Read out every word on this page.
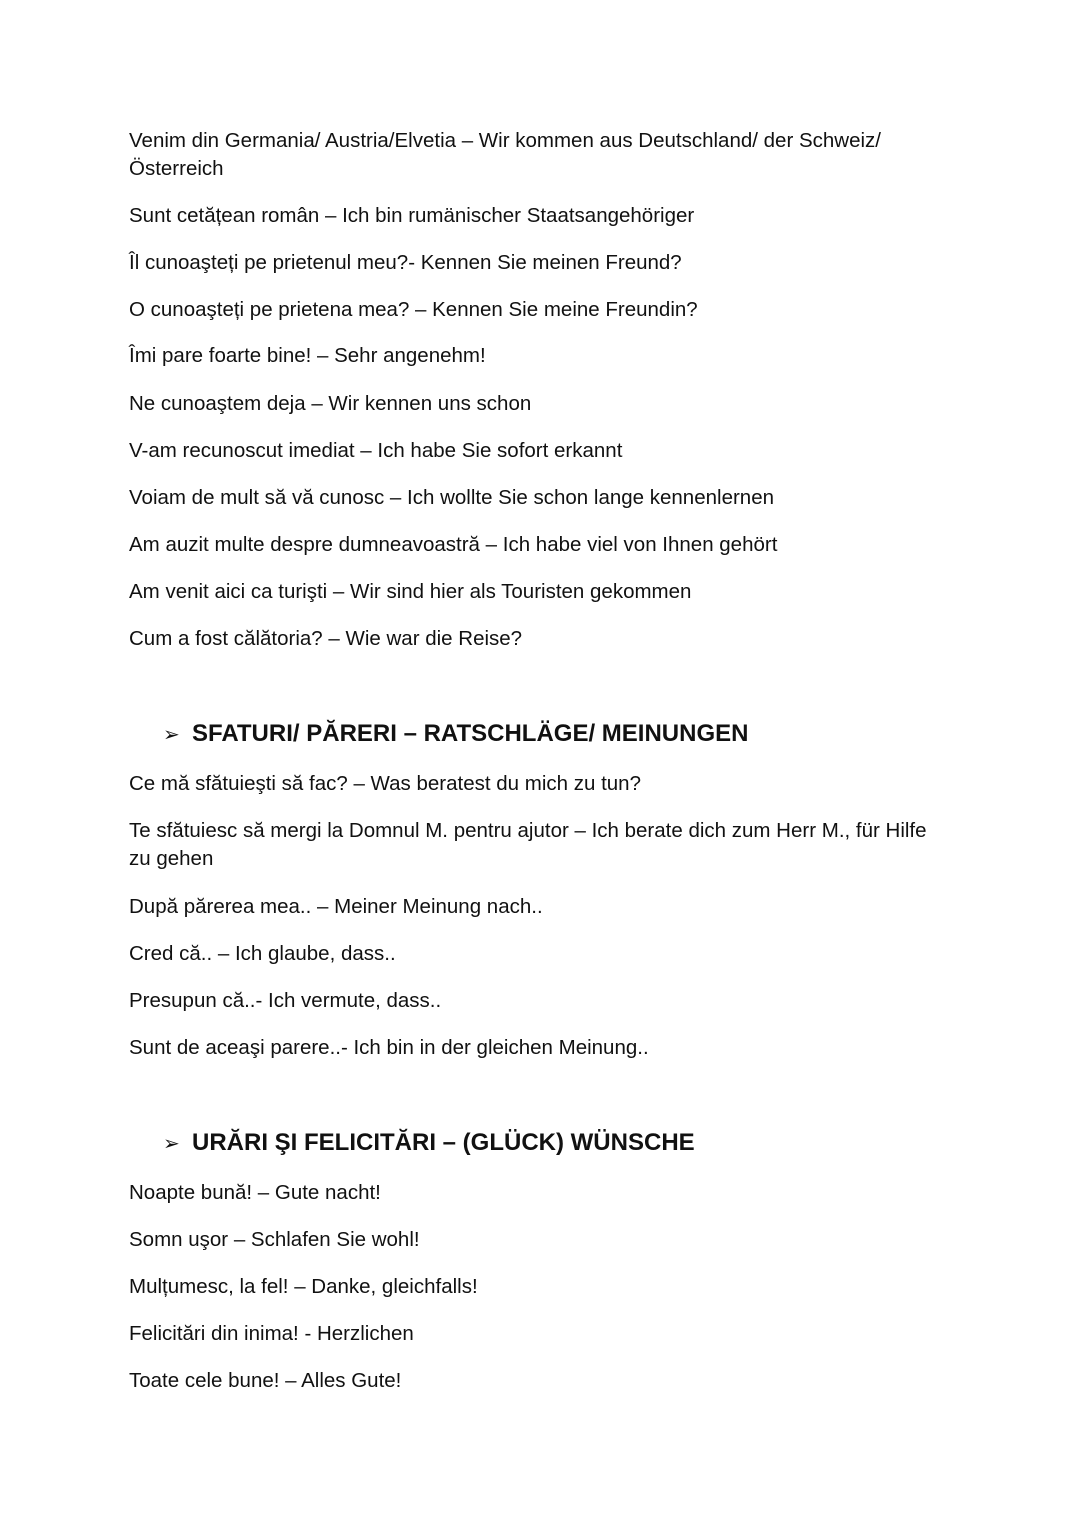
Venim din Germania/ Austria/Elvetia – Wir kommen aus Deutschland/ der Schweiz/ Österreich

Sunt cetățean român – Ich bin rumänischer Staatsangehöriger

Îl cunoaşteți pe prietenul meu?- Kennen Sie meinen Freund?

O cunoaşteți pe prietena mea? – Kennen Sie meine Freundin?

Îmi pare foarte bine! – Sehr angenehm!

Ne cunoaştem deja – Wir kennen uns schon

V-am recunoscut imediat – Ich habe Sie sofort erkannt

Voiam de mult să vă cunosc – Ich wollte Sie schon lange kennenlernen

Am auzit multe despre dumneavoastră – Ich habe viel von Ihnen gehört

Am venit aici ca turişti – Wir sind hier als Touristen gekommen

Cum a fost călătoria? – Wie war die Reise?

➢ SFATURI/ PĂRERI – RATSCHLÄGE/ MEINUNGEN

Ce mă sfătuieşti să fac? – Was beratest du mich zu tun?

Te sfătuiesc să mergi la Domnul M. pentru ajutor – Ich berate dich zum Herr M., für Hilfe zu gehen

După părerea mea.. – Meiner Meinung nach..

Cred că.. – Ich glaube, dass..

Presupun că..- Ich vermute, dass..

Sunt de aceaşi parere..- Ich bin in der gleichen Meinung..

➢ URĂRI ŞI FELICITĂRI – (GLÜCK) WÜNSCHE

Noapte bună! – Gute nacht!

Somn uşor – Schlafen Sie wohl!

Mulțumesc, la fel! – Danke, gleichfalls!

Felicitări din inima! - Herzlichen

Toate cele bune! – Alles Gute!
